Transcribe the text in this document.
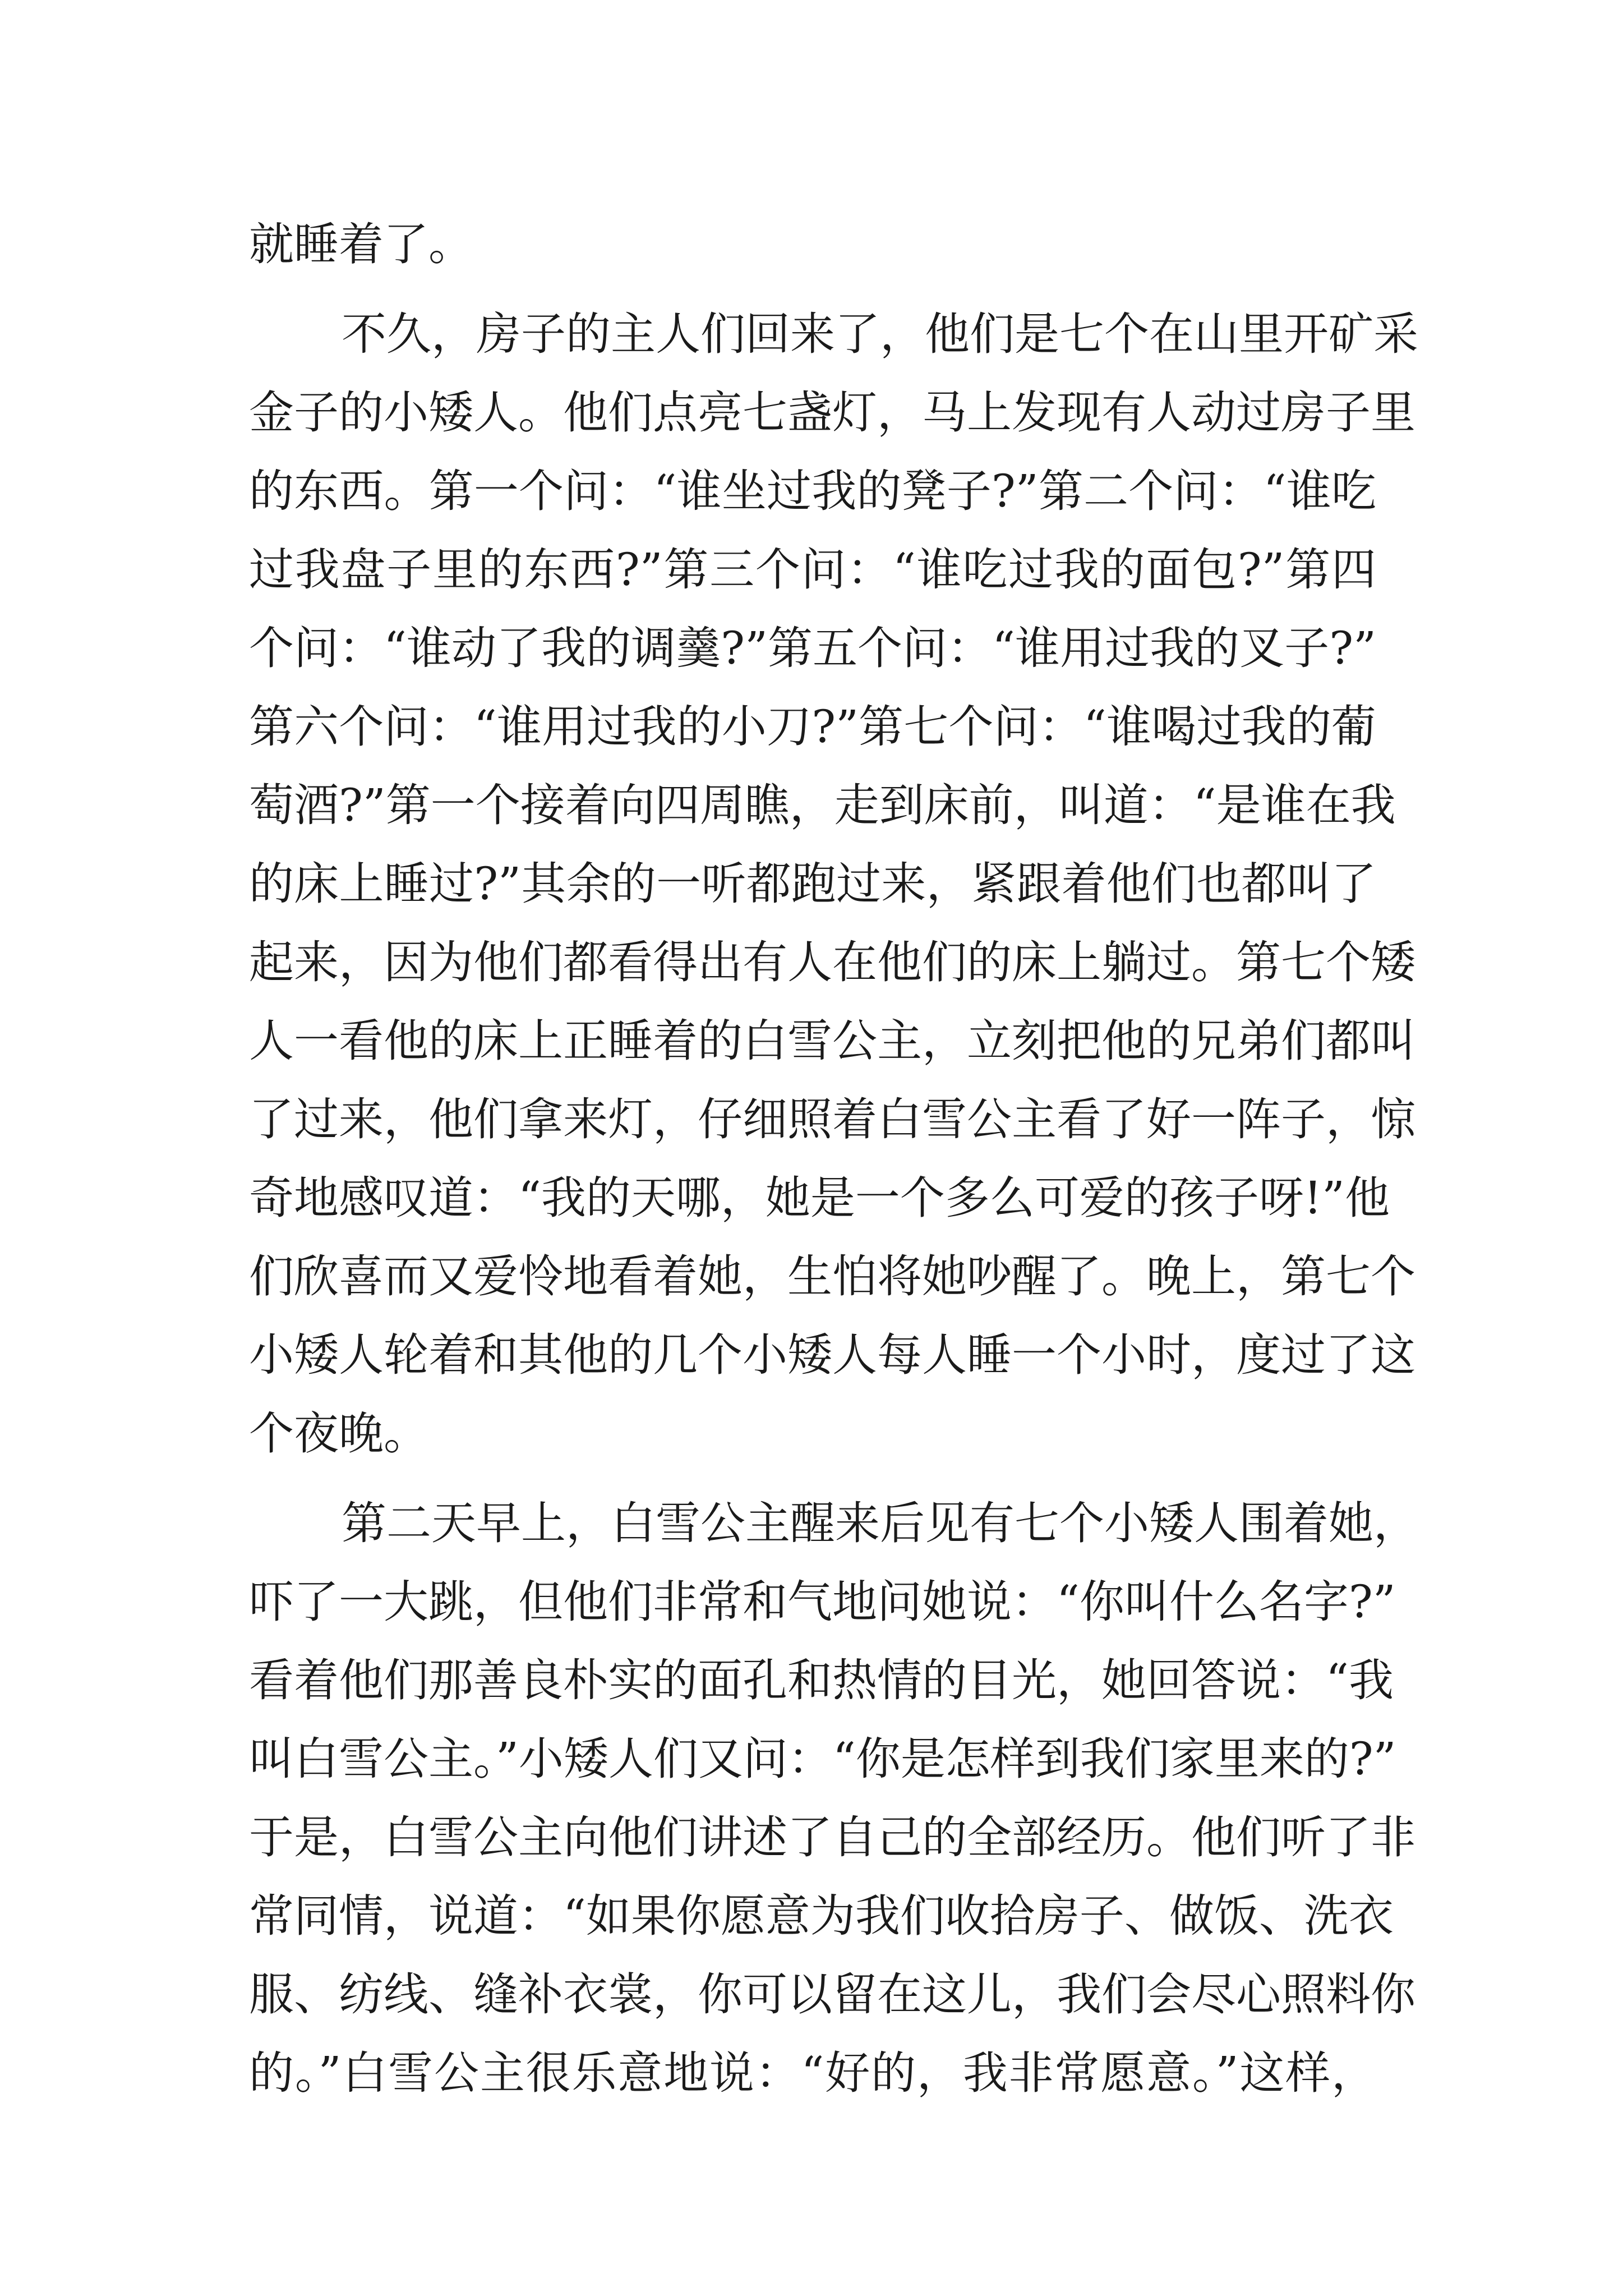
就睡着了。
不久，房子的主人们回来了，他们是七个在山里开矿采
金子的小矮人。他们点亮七盏灯，马上发现有人动过房子里
的东西。第一个问：“谁坐过我的凳子?”第二个问：“谁吃
过我盘子里的东西?”第三个问：“谁吃过我的面包?”第四
个问：“谁动了我的调羹?”第五个问：“谁用过我的叉子?”
第六个问：“谁用过我的小刀?”第七个问：“谁喝过我的葡
萄酒?”第一个接着向四周瞧，走到床前，叫道：“是谁在我
的床上睡过?”其余的一听都跑过来，紧跟着他们也都叫了
起来，因为他们都看得出有人在他们的床上躺过。第七个矮
人一看他的床上正睡着的白雪公主，立刻把他的兄弟们都叫
了过来，他们拿来灯，仔细照着白雪公主看了好一阵子，惊
奇地感叹道：“我的天哪，她是一个多么可爱的孩子呀!”他
们欣喜而又爱怜地看着她，生怕将她吵醒了。晚上，第七个
小矮人轮着和其他的几个小矮人每人睡一个小时，度过了这
个夜晚。
第二天早上，白雪公主醒来后见有七个小矮人围着她，
吓了一大跳，但他们非常和气地问她说：“你叫什么名字?”
看着他们那善良朴实的面孔和热情的目光，她回答说：“我
叫白雪公主。”小矮人们又问：“你是怎样到我们家里来的?”
于是，白雪公主向他们讲述了自己的全部经历。他们听了非
常同情，说道：“如果你愿意为我们收拾房子、做饭、洗衣
服、纺线、缝补衣裳，你可以留在这儿，我们会尽心照料你
的。”白雪公主很乐意地说：“好的，我非常愿意。”这样，
